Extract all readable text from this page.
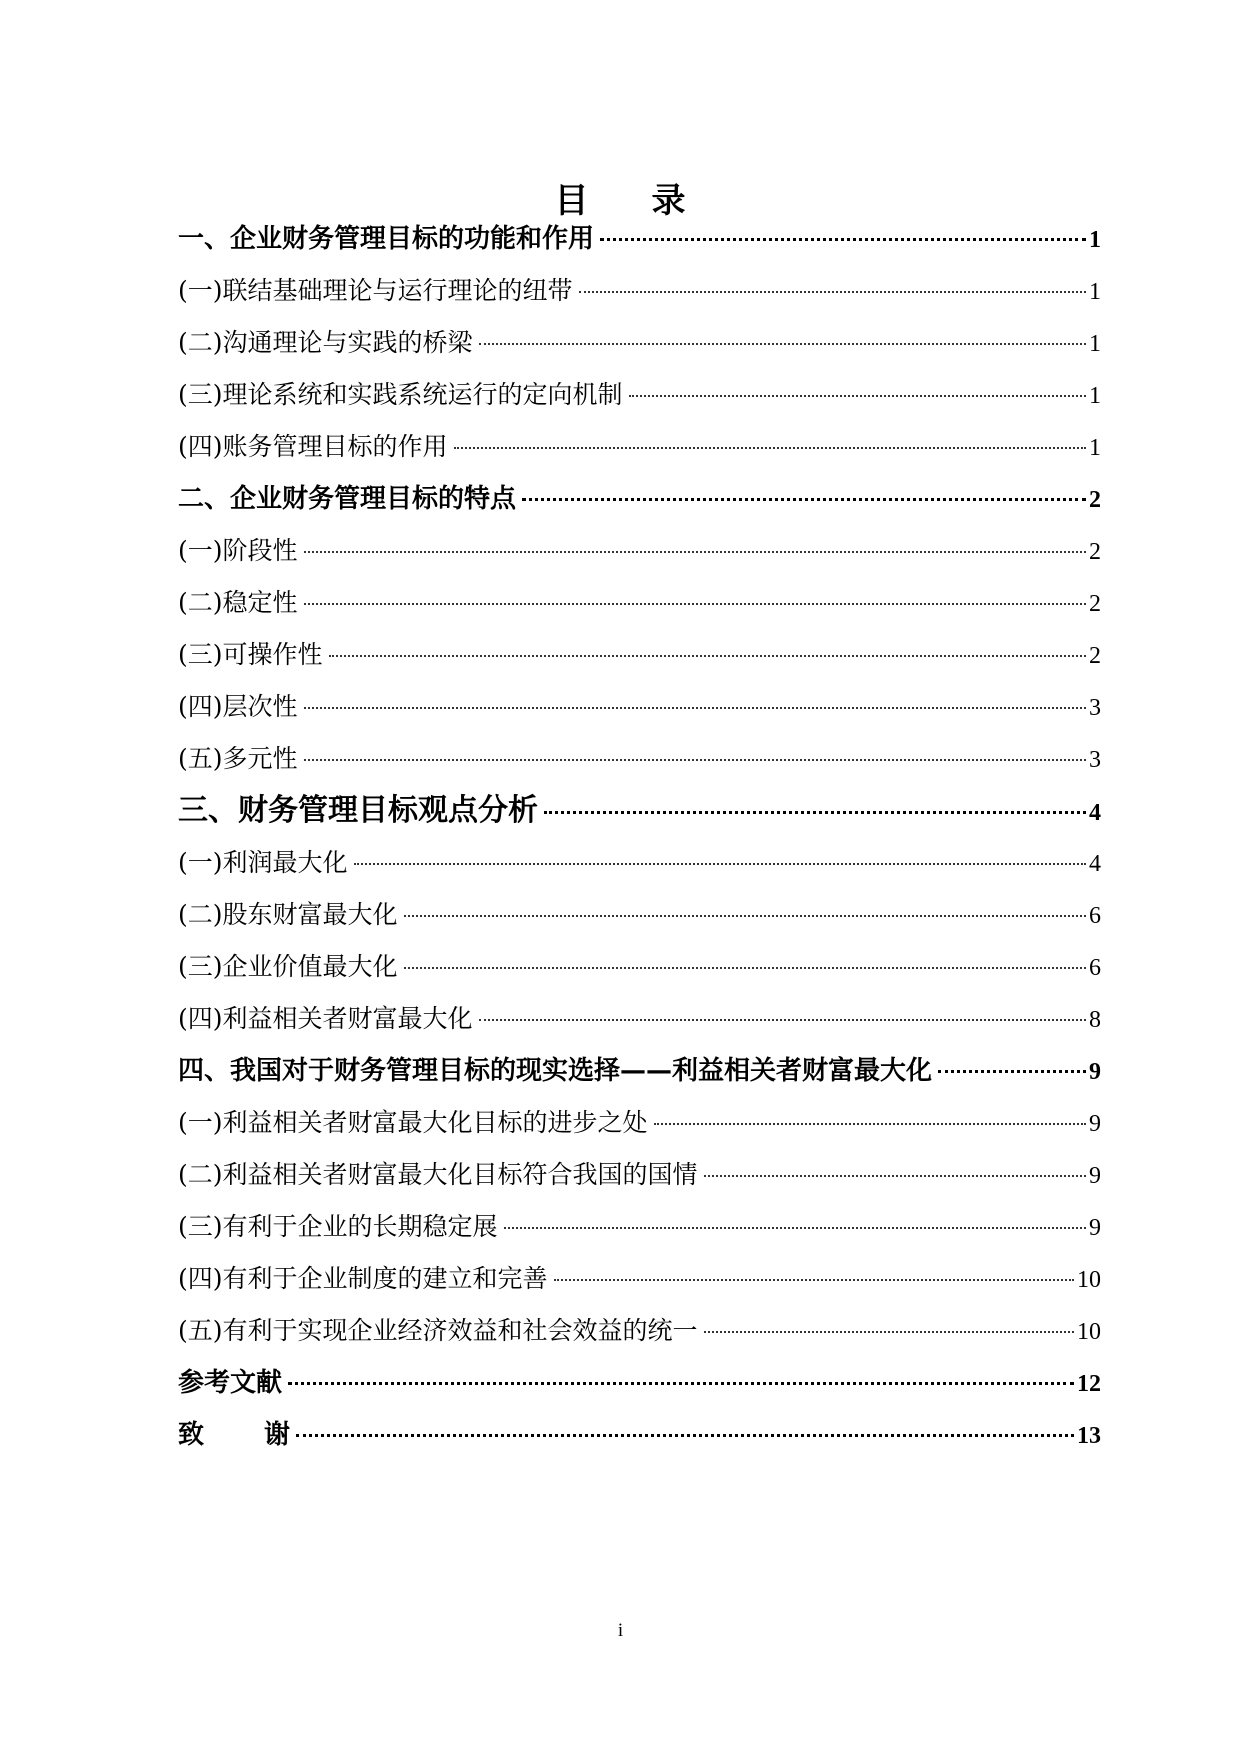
目 录
一、企业财务管理目标的功能和作用	1
(一)联结基础理论与运行理论的纽带	1
(二)沟通理论与实践的桥梁	1
(三)理论系统和实践系统运行的定向机制	1
(四)账务管理目标的作用	1
二、企业财务管理目标的特点	2
(一)阶段性	2
(二)稳定性	2
(三)可操作性	2
(四)层次性	3
(五)多元性	3
三、财务管理目标观点分析	4
(一)利润最大化	4
(二)股东财富最大化	6
(三)企业价值最大化	6
(四)利益相关者财富最大化	8
四、我国对于财务管理目标的现实选择——利益相关者财富最大化	9
(一)利益相关者财富最大化目标的进步之处	9
(二)利益相关者财富最大化目标符合我国的国情	9
(三)有利于企业的长期稳定展	9
(四)有利于企业制度的建立和完善	10
(五)有利于实现企业经济效益和社会效益的统一	10
参考文献	12
致 谢	13
i
